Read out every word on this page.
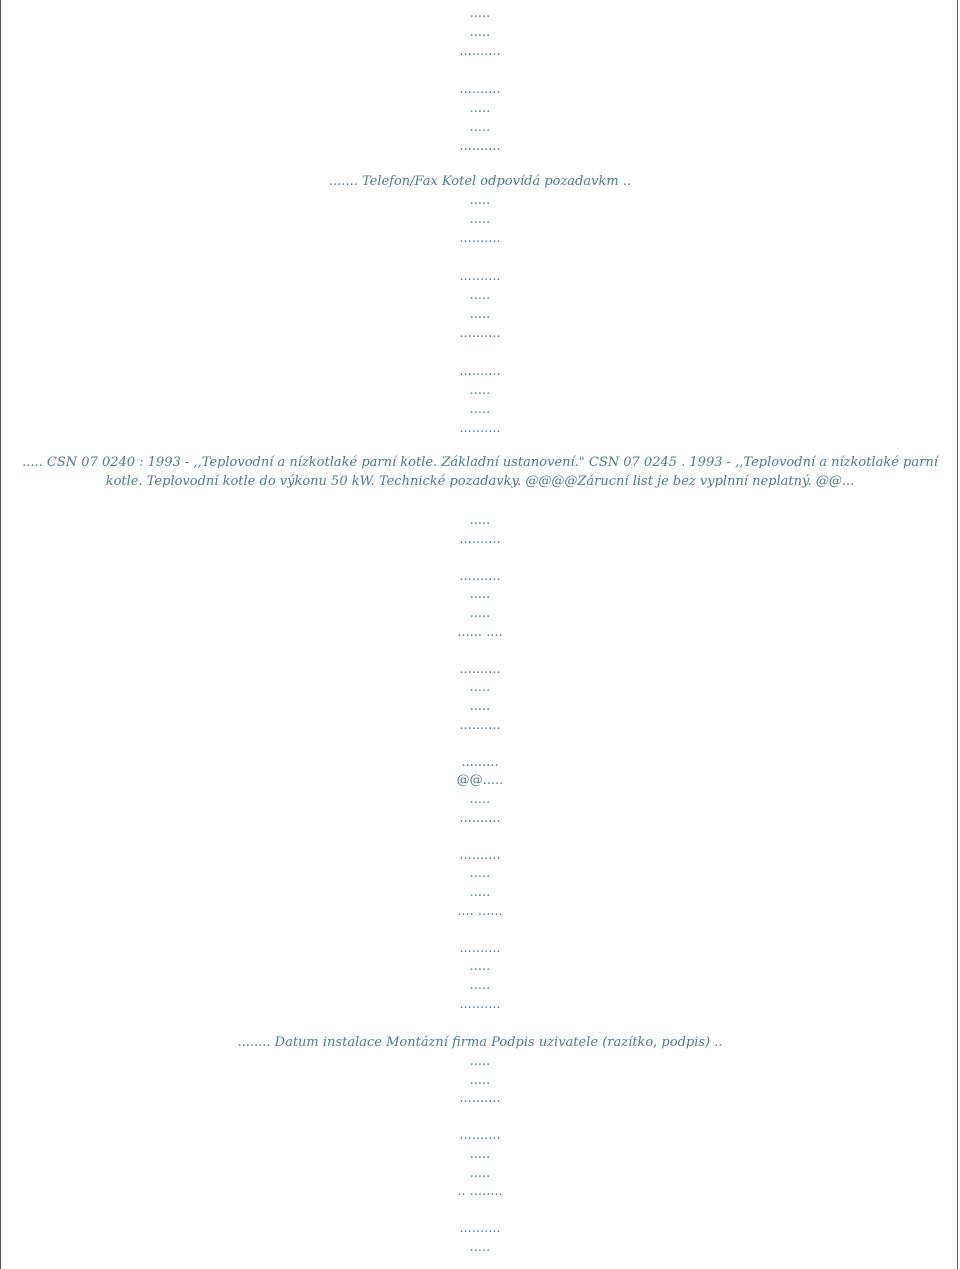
.....
.....
..........
..........
.....
.....
..........
....... Telefon/Fax Kotel odpovídá pozadavkm ..
.....
.....
..........
..........
.....
.....
..........
..........
.....
.....
..........
..... CSN 07 0240 : 1993 - ,,Teplovodní a nízkotlaké parní kotle. Základní ustanovení." CSN 07 0245 . 1993 - ,,Teplovodní a nízkotlaké parní kotle. Teplovodní kotle do výkonu 50 kW. Technické pozadavky. @@@@Zárucní list je bez vyplnní neplatný. @@...
.....
..........
..........
.....
.....
...... ....
..........
.....
.....
..........
.........
@@.....
.....
..........
..........
.....
.....
.... ......
..........
.....
.....
..........
........ Datum instalace Montázní firma Podpis uzivatele (razítko, podpis) ..
.....
.....
..........
..........
.....
.....
.. ........
..........
.....
